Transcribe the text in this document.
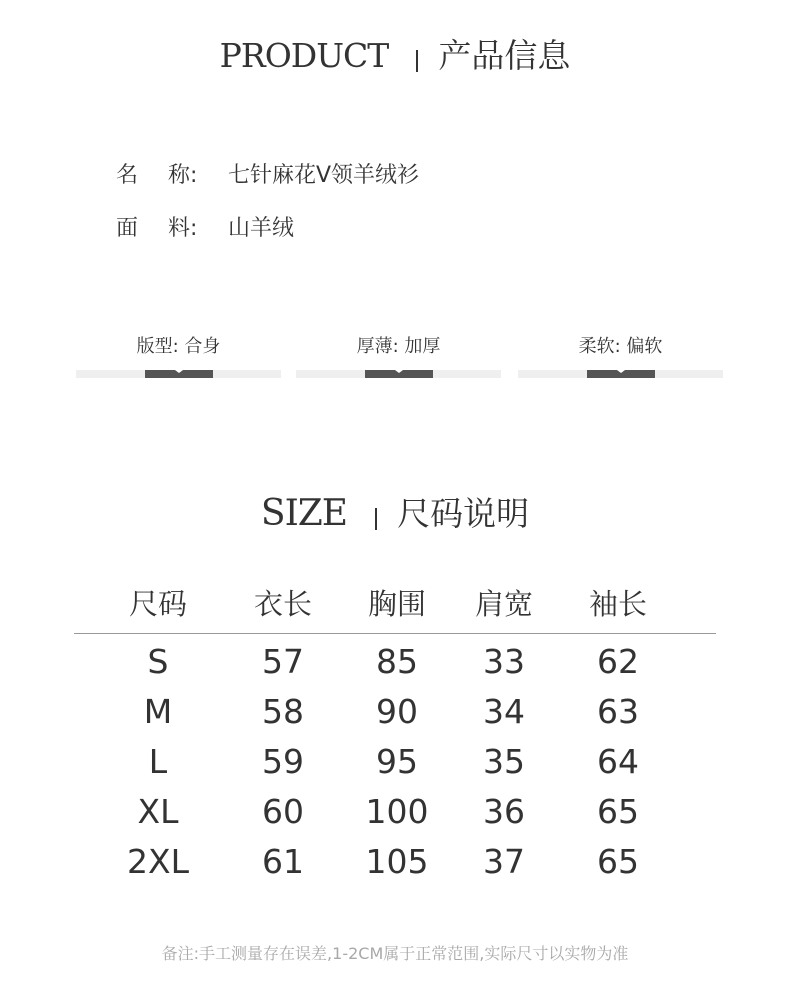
PRODUCT 产品信息
名 称: 七针麻花V领羊绒衫
面 料: 山羊绒
版型: 合身	厚薄: 加厚	柔软: 偏软
SIZE 尺码说明
尺码 衣长 胸围 肩宽 袖长
S	57 85 33 62
M	58 90 34 63
L	59 95 35 64
XL	60 100 36 65
2XL 61 105 37 65
备注:手工测量存在误差,1-2CM属于正常范围,实际尺寸以实物为准
